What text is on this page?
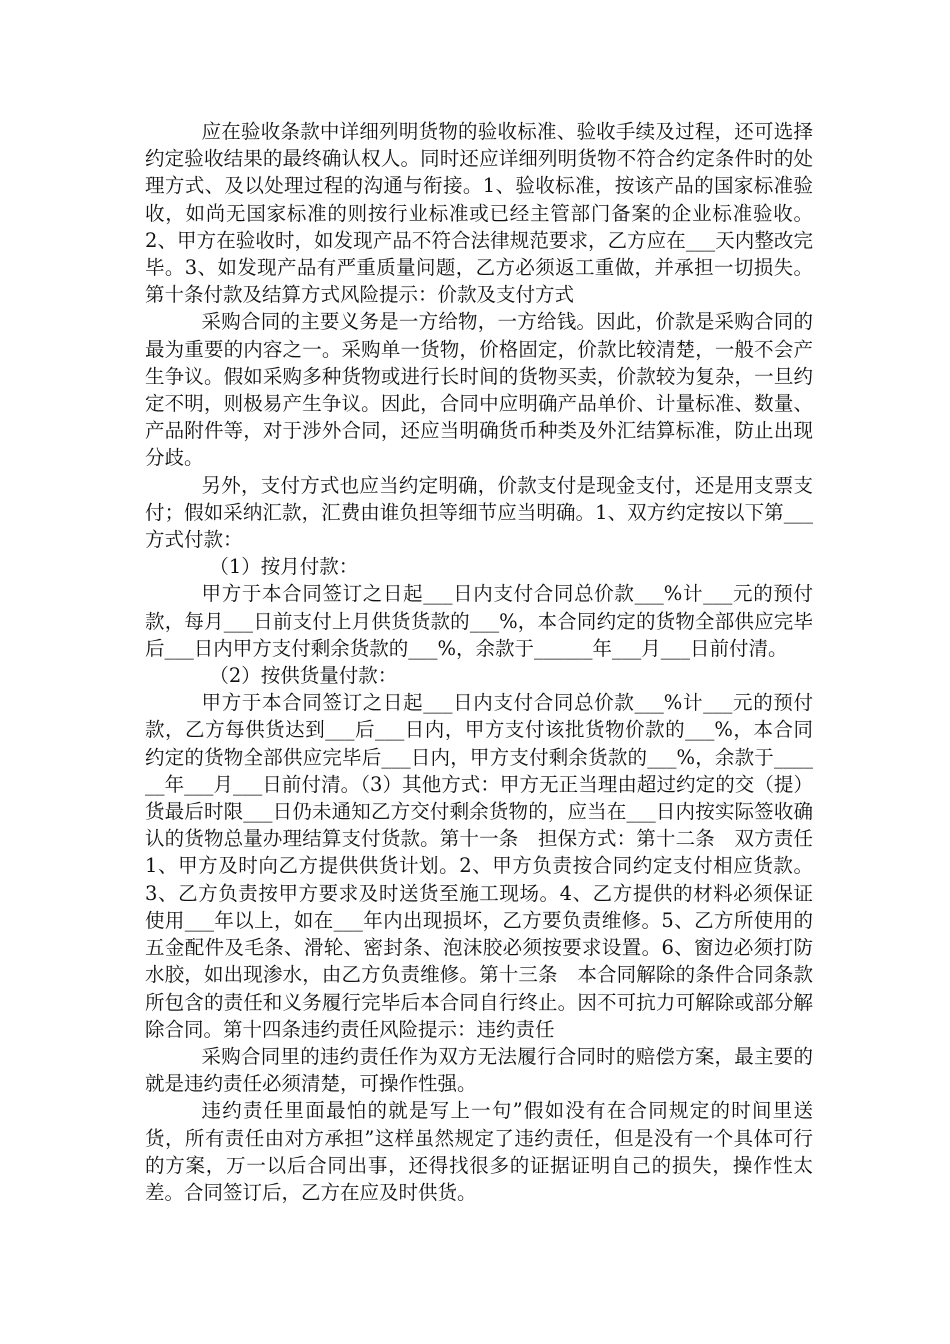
应在验收条款中详细列明货物的验收标准、验收手续及过程，还可选择约定验收结果的最终确认权人。同时还应详细列明货物不符合约定条件时的处理方式、及以处理过程的沟通与衔接。1、验收标准，按该产品的国家标准验收，如尚无国家标准的则按行业标准或已经主管部门备案的企业标准验收。2、甲方在验收时，如发现产品不符合法律规范要求，乙方应在___天内整改完毕。3、如发现产品有严重质量问题，乙方必须返工重做，并承担一切损失。第十条付款及结算方式风险提示：价款及支付方式

采购合同的主要义务是一方给物，一方给钱。因此，价款是采购合同的最为重要的内容之一。采购单一货物，价格固定，价款比较清楚，一般不会产生争议。假如采购多种货物或进行长时间的货物买卖，价款较为复杂，一旦约定不明，则极易产生争议。因此，合同中应明确产品单价、计量标准、数量、产品附件等，对于涉外合同，还应当明确货币种类及外汇结算标准，防止出现分歧。

另外，支付方式也应当约定明确，价款支付是现金支付，还是用支票支付；假如采纳汇款，汇费由谁负担等细节应当明确。1、双方约定按以下第___方式付款：

（1）按月付款：

甲方于本合同签订之日起___日内支付合同总价款___%计___元的预付款，每月___日前支付上月供货货款的___%，本合同约定的货物全部供应完毕后___日内甲方支付剩余货款的___%，余款于______年___月___日前付清。

（2）按供货量付款：

甲方于本合同签订之日起___日内支付合同总价款___%计___元的预付款，乙方每供货达到___后___日内，甲方支付该批货物价款的___%，本合同约定的货物全部供应完毕后___日内，甲方支付剩余货款的___%，余款于______年___月___日前付清。（3）其他方式：甲方无正当理由超过约定的交（提）货最后时限___日仍未通知乙方交付剩余货物的，应当在___日内按实际签收确认的货物总量办理结算支付货款。第十一条　担保方式：第十二条　双方责任 1、甲方及时向乙方提供供货计划。2、甲方负责按合同约定支付相应货款。3、乙方负责按甲方要求及时送货至施工现场。4、乙方提供的材料必须保证使用___年以上，如在___年内出现损坏，乙方要负责维修。5、乙方所使用的五金配件及毛条、滑轮、密封条、泡沫胶必须按要求设置。6、窗边必须打防水胶，如出现渗水，由乙方负责维修。第十三条　本合同解除的条件合同条款所包含的责任和义务履行完毕后本合同自行终止。因不可抗力可解除或部分解除合同。第十四条违约责任风险提示：违约责任

采购合同里的违约责任作为双方无法履行合同时的赔偿方案，最主要的就是违约责任必须清楚，可操作性强。

违约责任里面最怕的就是写上一句”假如没有在合同规定的时间里送货，所有责任由对方承担”这样虽然规定了违约责任，但是没有一个具体可行的方案，万一以后合同出事，还得找很多的证据证明自己的损失，操作性太差。合同签订后，乙方在应及时供货。
